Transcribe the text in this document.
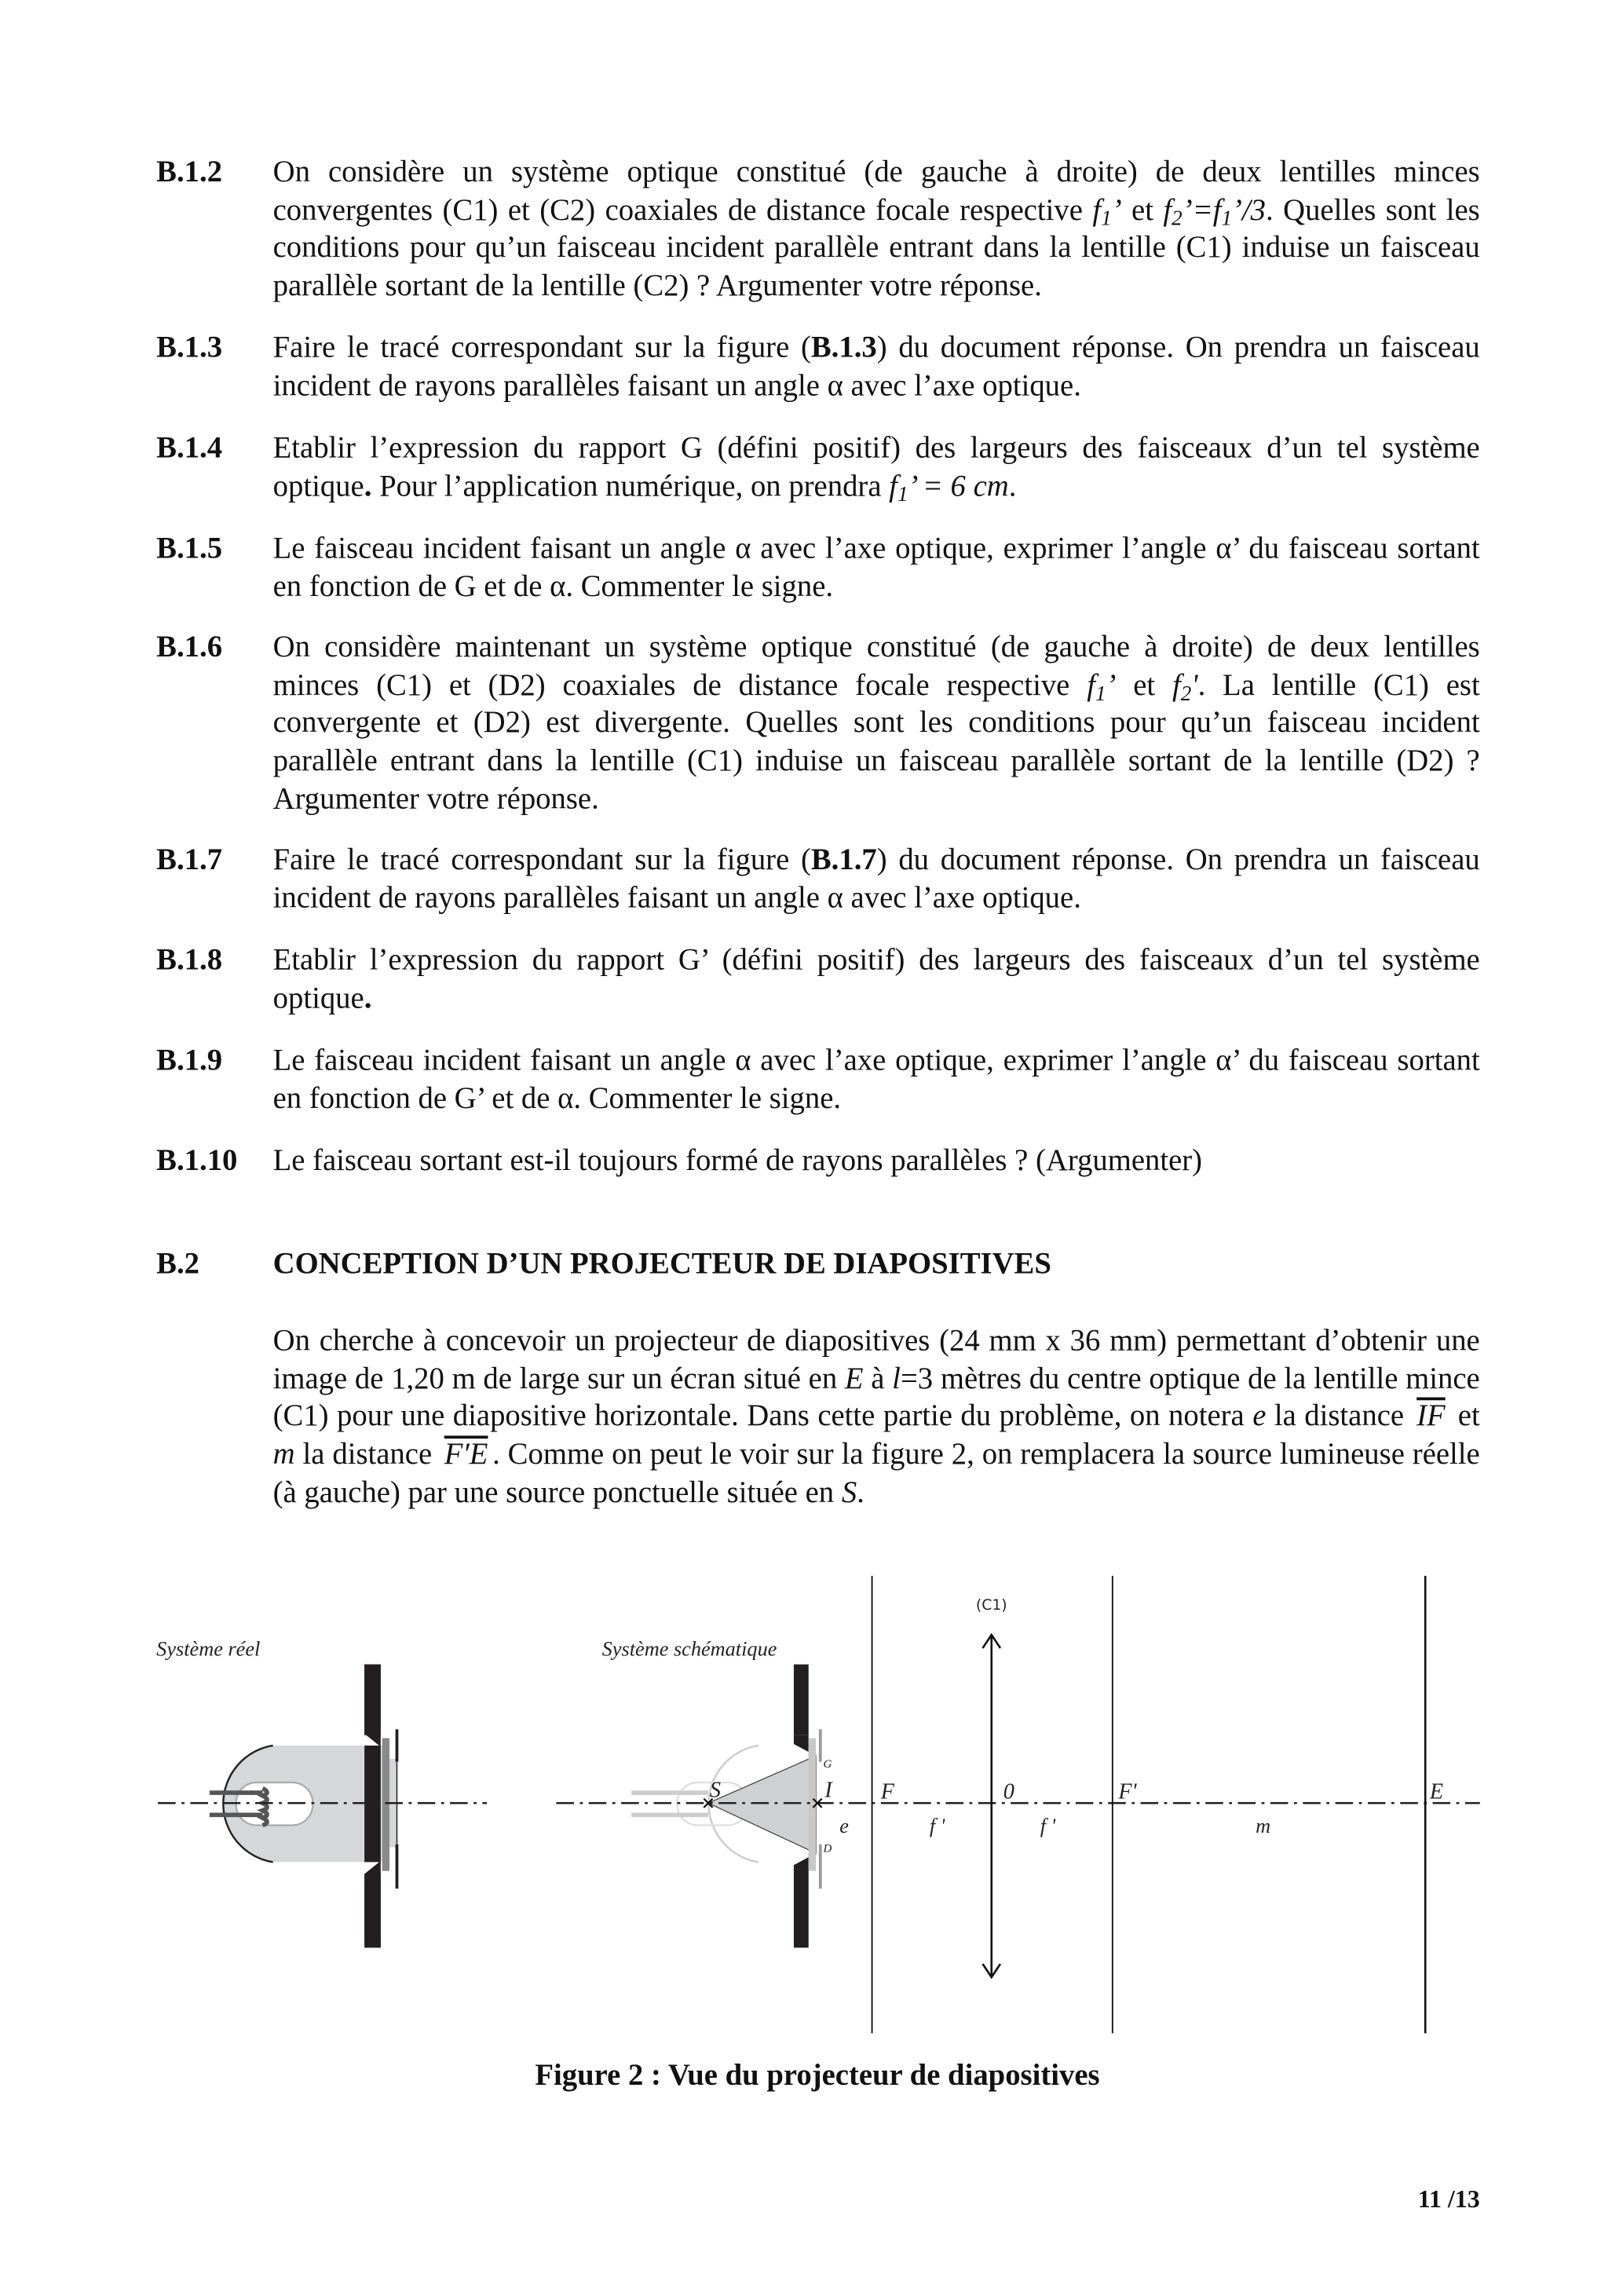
B.1.2	On considère un système optique constitué (de gauche à droite) de deux lentilles minces convergentes (C1) et (C2) coaxiales de distance focale respective $f_1$’ et $f_2’=f_1’/3$. Quelles sont les conditions pour qu’un faisceau incident parallèle entrant dans la lentille (C1) induise un faisceau parallèle sortant de la lentille (C2) ? Argumenter votre réponse.
B.1.3	Faire le tracé correspondant sur la figure (B.1.3) du document réponse. On prendra un faisceau incident de rayons parallèles faisant un angle α avec l’axe optique.
B.1.4	Etablir l’expression du rapport G (défini positif) des largeurs des faisceaux d’un tel système optique. Pour l’application numérique, on prendra $f_1$’ = 6 cm.
B.1.5	Le faisceau incident faisant un angle α avec l’axe optique, exprimer l’angle α’ du faisceau sortant en fonction de G et de α. Commenter le signe.
B.1.6	On considère maintenant un système optique constitué (de gauche à droite) de deux lentilles minces (C1) et (D2) coaxiales de distance focale respective $f_1$’ et $f_2'$. La lentille (C1) est convergente et (D2) est divergente. Quelles sont les conditions pour qu’un faisceau incident parallèle entrant dans la lentille (C1) induise un faisceau parallèle sortant de la lentille (D2) ? Argumenter votre réponse.
B.1.7	Faire le tracé correspondant sur la figure (B.1.7) du document réponse. On prendra un faisceau incident de rayons parallèles faisant un angle α avec l’axe optique.
B.1.8	Etablir l’expression du rapport G’ (défini positif) des largeurs des faisceaux d’un tel système optique.
B.1.9	Le faisceau incident faisant un angle α avec l’axe optique, exprimer l’angle α’ du faisceau sortant en fonction de G’ et de α. Commenter le signe.
B.1.10 Le faisceau sortant est-il toujours formé de rayons parallèles ? (Argumenter)
B.2	CONCEPTION D’UN PROJECTEUR DE DIAPOSITIVES
On cherche à concevoir un projecteur de diapositives (24 mm x 36 mm) permettant d’obtenir une image de 1,20 m de large sur un écran situé en E à l=3 mètres du centre optique de la lentille mince (C1) pour une diapositive horizontale. Dans cette partie du problème, on notera e la distance $\overline{IF}$ et m la distance F′E . Comme on peut le voir sur la figure 2, on remplacera la source lumineuse réelle (à gauche) par une source ponctuelle située en S.
Système réel	Système schématique
(C1)
S	I
G
D
F	0	F'	E
e	f '	f '	m
Figure 2 : Vue du projecteur de diapositives
11 /13
